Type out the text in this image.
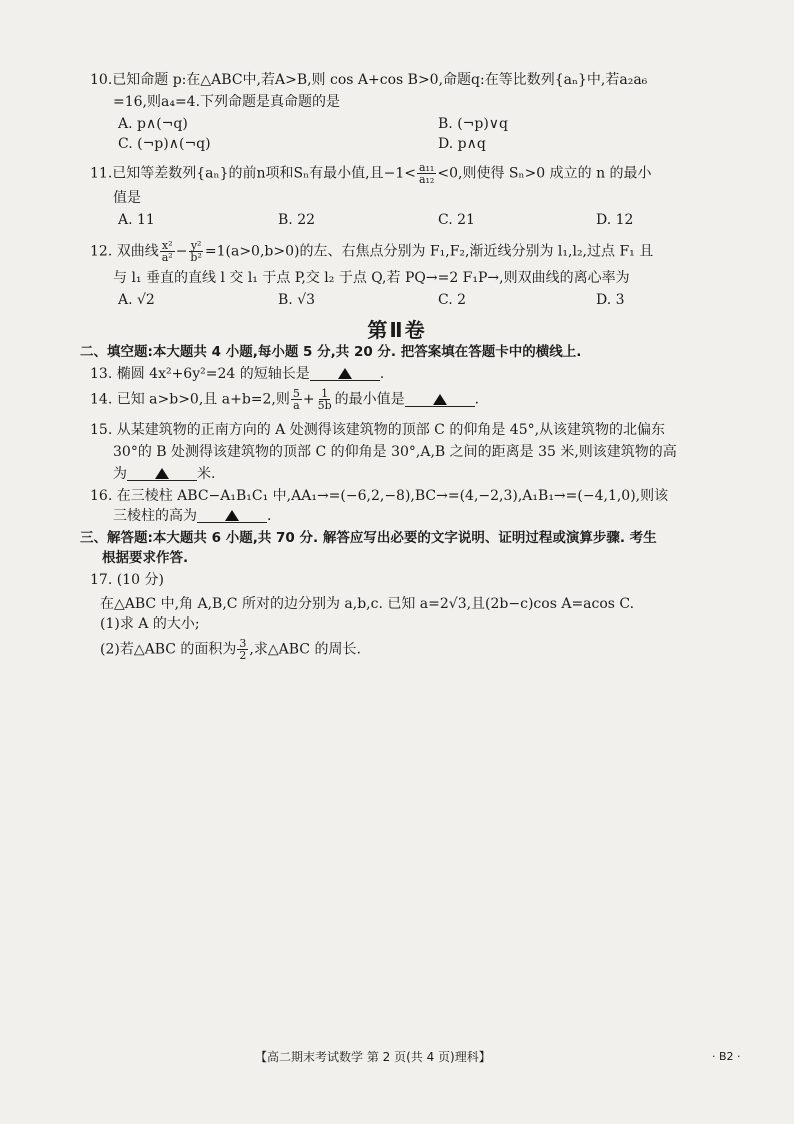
10.已知命题 p:在△ABC中,若A>B,则 cos A+cos B>0,命题q:在等比数列{aₙ}中,若a₂a₆
=16,则a₄=4.下列命题是真命题的是
A. p∧(¬q)	B. (¬p)∨q
C. (¬p)∧(¬q)	D. p∧q
11.已知等差数列{aₙ}的前n项和Sₙ有最小值,且$-1< \frac{\text{a₁₁}}{\text{a₁₂}} <0$,则使得 Sₙ>0 成立的 n 的最小
值是
A. 11	B. 22	C. 21	D. 12
12. 双曲线 $\frac{\text{x²}}{\text{a²}} - \frac{\text{y²}}{\text{b²}} =1(a>0,b>0)$的左、右焦点分别为 F₁,F₂,渐近线分别为 l₁,l₂,过点 F₁ 且
与 l₁ 垂直的直线 l 交 l₁ 于点 P,交 l₂ 于点 Q,若 PQ→=2 F₁P→,则双曲线的离心率为
A. √2	B. √3	C. 2	D. 3
第Ⅱ卷
二、填空题:本大题共 4 小题,每小题 5 分,共 20 分. 把答案填在答题卡中的横线上.
13. 椭圆 4x²+6y²=24 的短轴长是	.
14. 已知 a>b>0,且 a+b=2,则 $\frac{5}{a} + \frac{1}{5b}$ 的最小值是	.
15. 从某建筑物的正南方向的 A 处测得该建筑物的顶部 C 的仰角是 45°,从该建筑物的北偏东
30°的 B 处测得该建筑物的顶部 C 的仰角是 30°,A,B 之间的距离是 35 米,则该建筑物的高
为	米.
16. 在三棱柱 ABC−A₁B₁C₁ 中,AA₁→=(−6,2,−8),BC→=(4,−2,3),A₁B₁→=(−4,1,0),则该
三棱柱的高为	.
三、解答题:本大题共 6 小题,共 70 分. 解答应写出必要的文字说明、证明过程或演算步骤. 考生
根据要求作答.
17. (10 分)
在△ABC 中,角 A,B,C 所对的边分别为 a,b,c. 已知 a=2√3,且(2b−c)cos A=acos C.
(1)求 A 的大小;
(2)若△ABC 的面积为 $\frac{3}{2}$ ,求△ABC 的周长.
【高二期末考试数学 第 2 页(共 4 页)理科】	· B2 ·
